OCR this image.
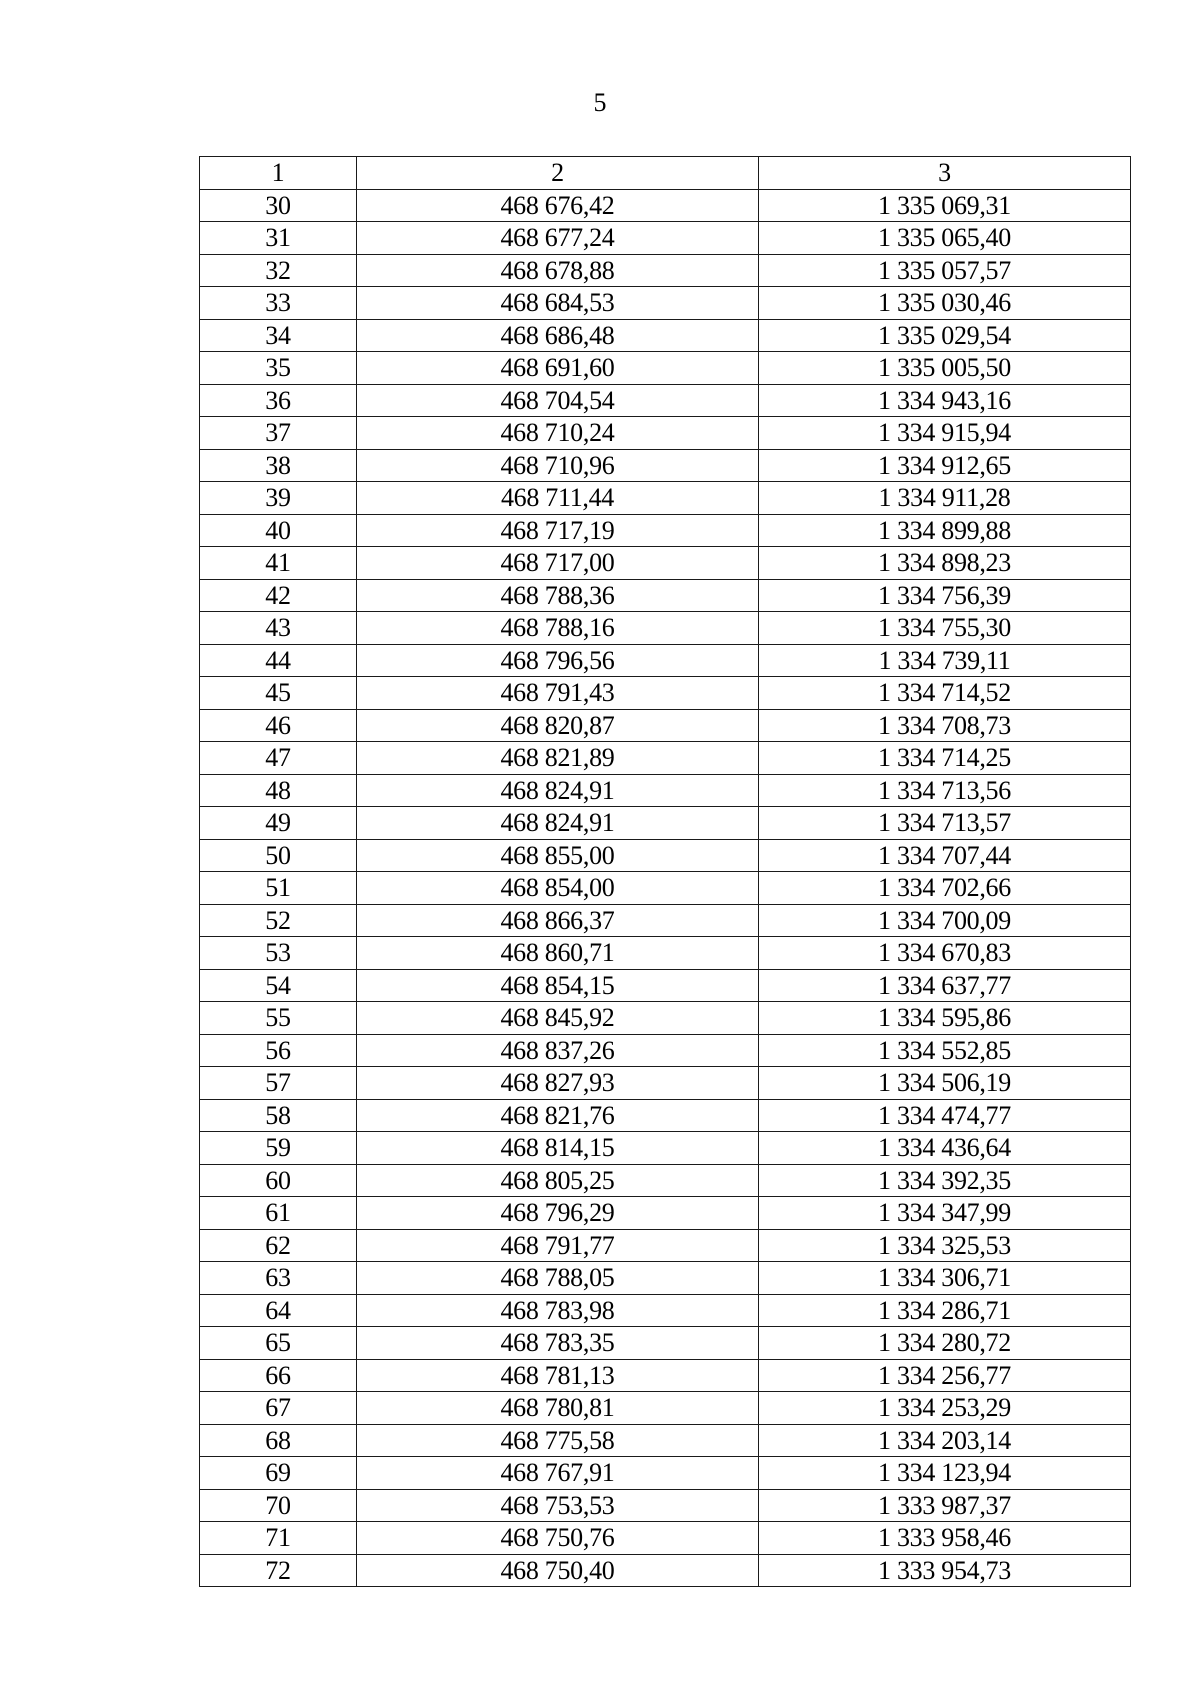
5
1	2	3
30	468 676,42	1 335 069,31
31	468 677,24	1 335 065,40
32	468 678,88	1 335 057,57
33	468 684,53	1 335 030,46
34	468 686,48	1 335 029,54
35	468 691,60	1 335 005,50
36	468 704,54	1 334 943,16
37	468 710,24	1 334 915,94
38	468 710,96	1 334 912,65
39	468 711,44	1 334 911,28
40	468 717,19	1 334 899,88
41	468 717,00	1 334 898,23
42	468 788,36	1 334 756,39
43	468 788,16	1 334 755,30
44	468 796,56	1 334 739,11
45	468 791,43	1 334 714,52
46	468 820,87	1 334 708,73
47	468 821,89	1 334 714,25
48	468 824,91	1 334 713,56
49	468 824,91	1 334 713,57
50	468 855,00	1 334 707,44
51	468 854,00	1 334 702,66
52	468 866,37	1 334 700,09
53	468 860,71	1 334 670,83
54	468 854,15	1 334 637,77
55	468 845,92	1 334 595,86
56	468 837,26	1 334 552,85
57	468 827,93	1 334 506,19
58	468 821,76	1 334 474,77
59	468 814,15	1 334 436,64
60	468 805,25	1 334 392,35
61	468 796,29	1 334 347,99
62	468 791,77	1 334 325,53
63	468 788,05	1 334 306,71
64	468 783,98	1 334 286,71
65	468 783,35	1 334 280,72
66	468 781,13	1 334 256,77
67	468 780,81	1 334 253,29
68	468 775,58	1 334 203,14
69	468 767,91	1 334 123,94
70	468 753,53	1 333 987,37
71	468 750,76	1 333 958,46
72	468 750,40	1 333 954,73
